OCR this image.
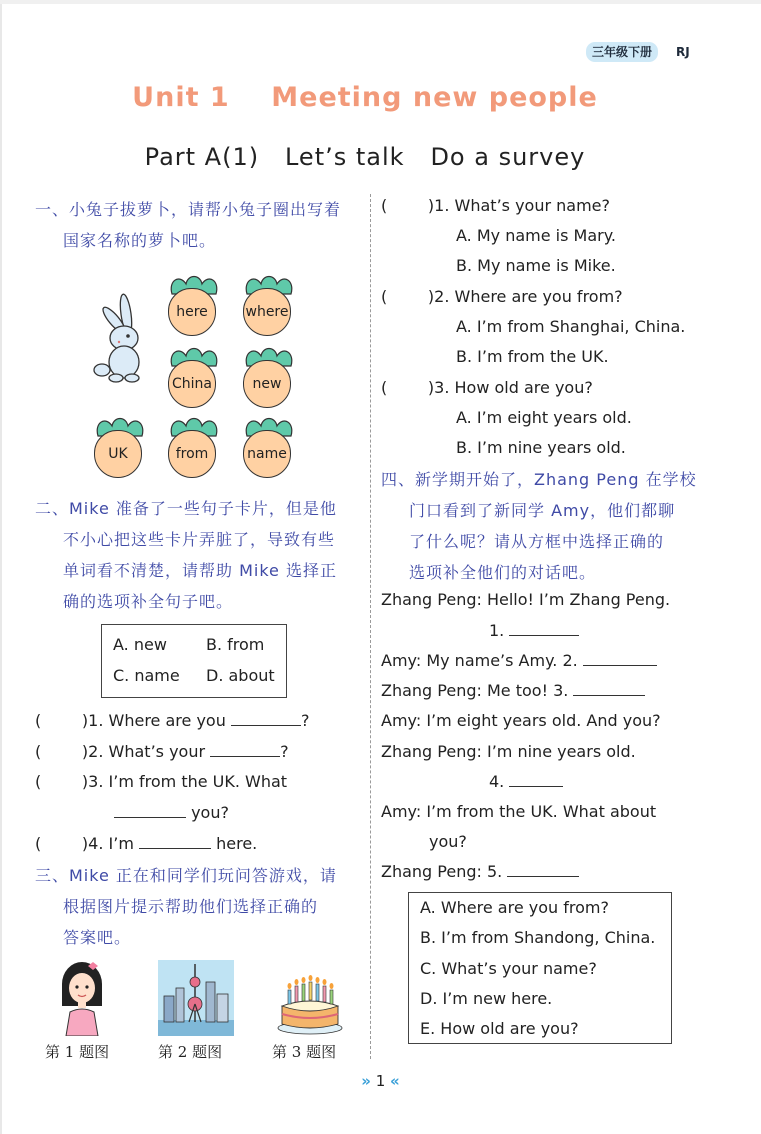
三年级下册	RJ
Unit 1    Meeting new people
Part A(1)   Let’s talk   Do a survey
一、小兔子拔萝卜，请帮小兔子圈出写着
国家名称的萝卜吧。
here	where
China	new
UK	from	name
二、Mike 准备了一些句子卡片，但是他
不小心把这些卡片弄脏了，导致有些
单词看不清楚，请帮助 Mike 选择正
确的选项补全句子吧。
A. new B. from
C. name D. about
(        )1. Where are you	?
(        )2. What’s your	?
(        )3. I’m from the UK. What
you?
(        )4. I’m	here.
三、Mike 正在和同学们玩问答游戏，请
根据图片提示帮助他们选择正确的
答案吧。
第 1 题图	第 2 题图	第 3 题图
(        )1. What’s your name?
A. My name is Mary.
B. My name is Mike.
(        )2. Where are you from?
A. I’m from Shanghai, China.
B. I’m from the UK.
(        )3. How old are you?
A. I’m eight years old.
B. I’m nine years old.
四、新学期开始了，Zhang Peng 在学校
门口看到了新同学 Amy，他们都聊
了什么呢？请从方框中选择正确的
选项补全他们的对话吧。
Zhang Peng: Hello! I’m Zhang Peng.
1.
Amy: My name’s Amy. 2.
Zhang Peng: Me too! 3.
Amy: I’m eight years old. And you?
Zhang Peng: I’m nine years old.
4.
Amy: I’m from the UK. What about
you?
Zhang Peng: 5.
A. Where are you from?
B. I’m from Shandong, China.
C. What’s your name?
D. I’m new here.
E. How old are you?
» 1 «
